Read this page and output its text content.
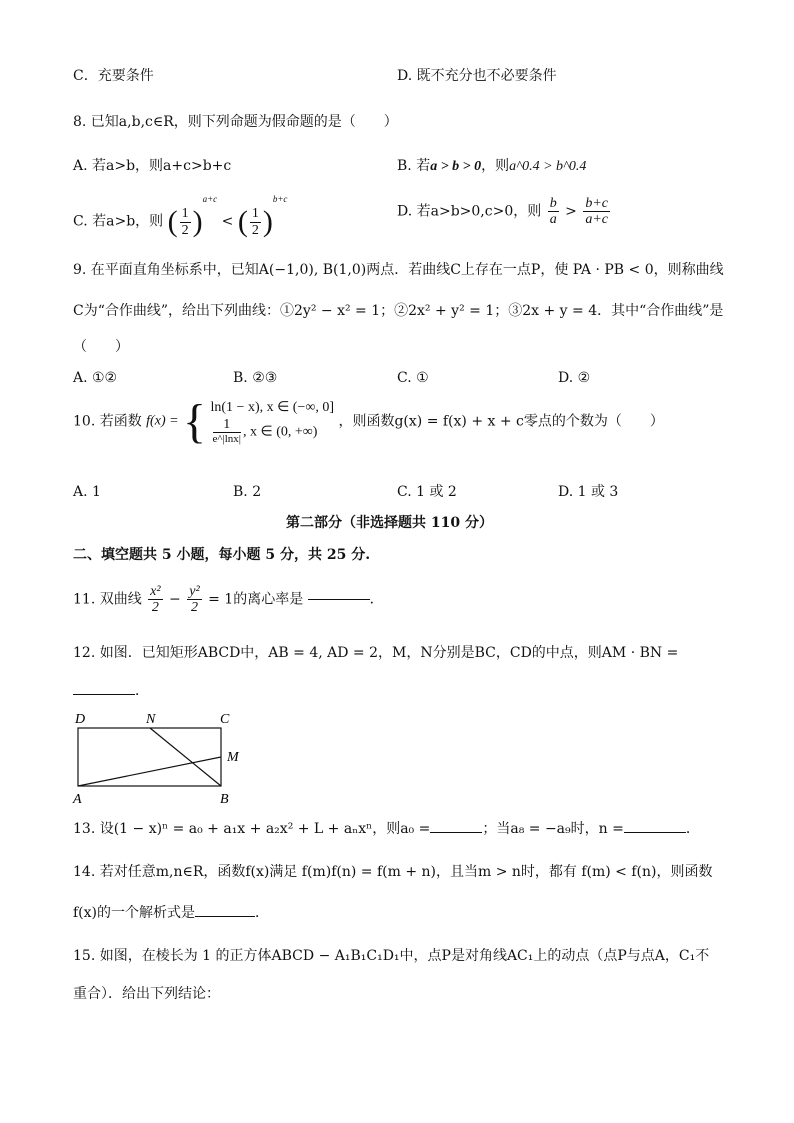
C．充要条件	D. 既不充分也不必要条件
8. 已知a,b,c∈R，则下列命题为假命题的是（　　）
A. 若a>b，则a+c>b+c	B. 若a > b > 0，则a^0.4 > b^0.4
C. 若a>b，则 ( $\frac{1}{2} )^{a+c}$ < ( $\frac{1}{2} )^{b+c}$
D. 若a>b>0,c>0，则 $\frac{b}{a} > \frac{b+c}{a+c}$
9. 在平面直角坐标系中，已知A(−1,0), B(1,0)两点．若曲线C上存在一点P，使 PA · PB < 0，则称曲线
C为“合作曲线”，给出下列曲线：①2y² − x² = 1；②2x² + y² = 1；③2x + y = 4．其中“合作曲线”是
（　　）
A. ①②	B. ②③	C. ①	D. ②
10. 若函数 f(x) = { ln(1 − x), x ∈ (−∞, 0]
$\frac{1}{e\^{}|\ln x|}$ , x ∈ (0, +∞)
，则函数g(x) = f(x) + x + c零点的个数为（　　）
A. 1	B. 2	C. 1 或 2	D. 1 或 3
第二部分（非选择题共 110 分）
二、填空题共 5 小题，每小题 5 分，共 25 分.
11. 双曲线 $\frac{\text{x²}}{2} - \frac{\text{y²}}{2} = 1$的离心率是	．
12. 如图．已知矩形ABCD中，AB = 4, AD = 2，M，N分别是BC，CD的中点，则AM · BN =
．
D	N	C
M
A	B
13. 设(1 − x)ⁿ = a₀ + a₁x + a₂x² + L + aₙxⁿ，则a₀ =	；当a₈ = −a₉时，n =	．
14. 若对任意m,n∈R，函数f(x)满足 f(m)f(n) = f(m + n)，且当m > n时，都有 f(m) < f(n)，则函数
f(x)的一个解析式是	．
15. 如图，在棱长为 1 的正方体ABCD − A₁B₁C₁D₁中，点P是对角线AC₁上的动点（点P与点A，C₁不
重合）．给出下列结论：
